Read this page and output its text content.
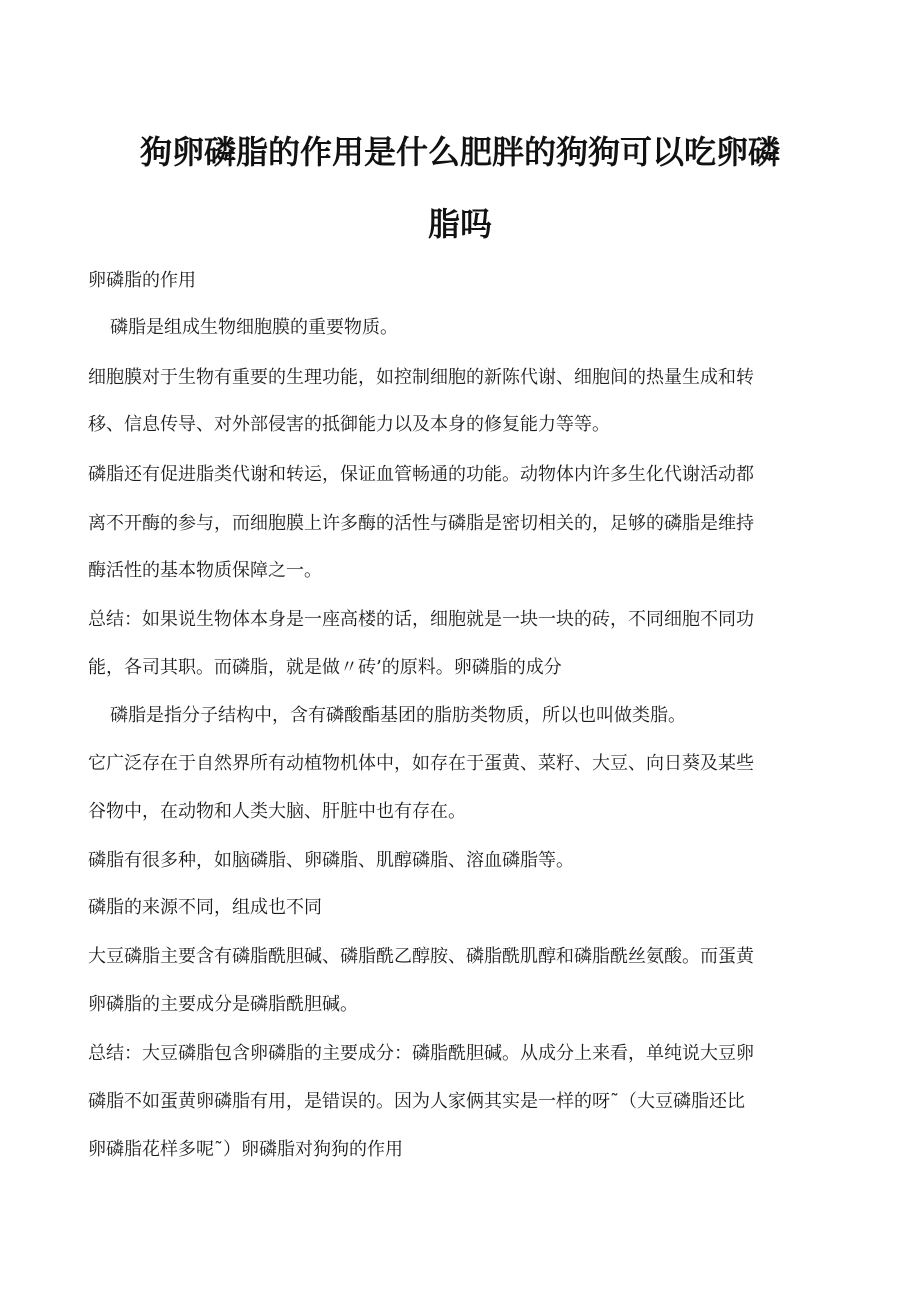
狗卵磷脂的作用是什么肥胖的狗狗可以吃卵磷
脂吗
卵磷脂的作用
磷脂是组成生物细胞膜的重要物质。
细胞膜对于生物有重要的生理功能，如控制细胞的新陈代谢、细胞间的热量生成和转
移、信息传导、对外部侵害的抵御能力以及本身的修复能力等等。
磷脂还有促进脂类代谢和转运，保证血管畅通的功能。动物体内许多生化代谢活动都
离不开酶的参与，而细胞膜上许多酶的活性与磷脂是密切相关的，足够的磷脂是维持
酶活性的基本物质保障之一。
总结：如果说生物体本身是一座高楼的话，细胞就是一块一块的砖，不同细胞不同功
能，各司其职。而磷脂，就是做〃砖’的原料。卵磷脂的成分
磷脂是指分子结构中，含有磷酸酯基团的脂肪类物质，所以也叫做类脂。
它广泛存在于自然界所有动植物机体中，如存在于蛋黄、菜籽、大豆、向日葵及某些
谷物中，在动物和人类大脑、肝脏中也有存在。
磷脂有很多种，如脑磷脂、卵磷脂、肌醇磷脂、溶血磷脂等。
磷脂的来源不同，组成也不同
大豆磷脂主要含有磷脂酰胆碱、磷脂酰乙醇胺、磷脂酰肌醇和磷脂酰丝氨酸。而蛋黄
卵磷脂的主要成分是磷脂酰胆碱。
总结：大豆磷脂包含卵磷脂的主要成分：磷脂酰胆碱。从成分上来看，单纯说大豆卵
磷脂不如蛋黄卵磷脂有用，是错误的。因为人家俩其实是一样的呀˜（大豆磷脂还比
卵磷脂花样多呢˜）卵磷脂对狗狗的作用
